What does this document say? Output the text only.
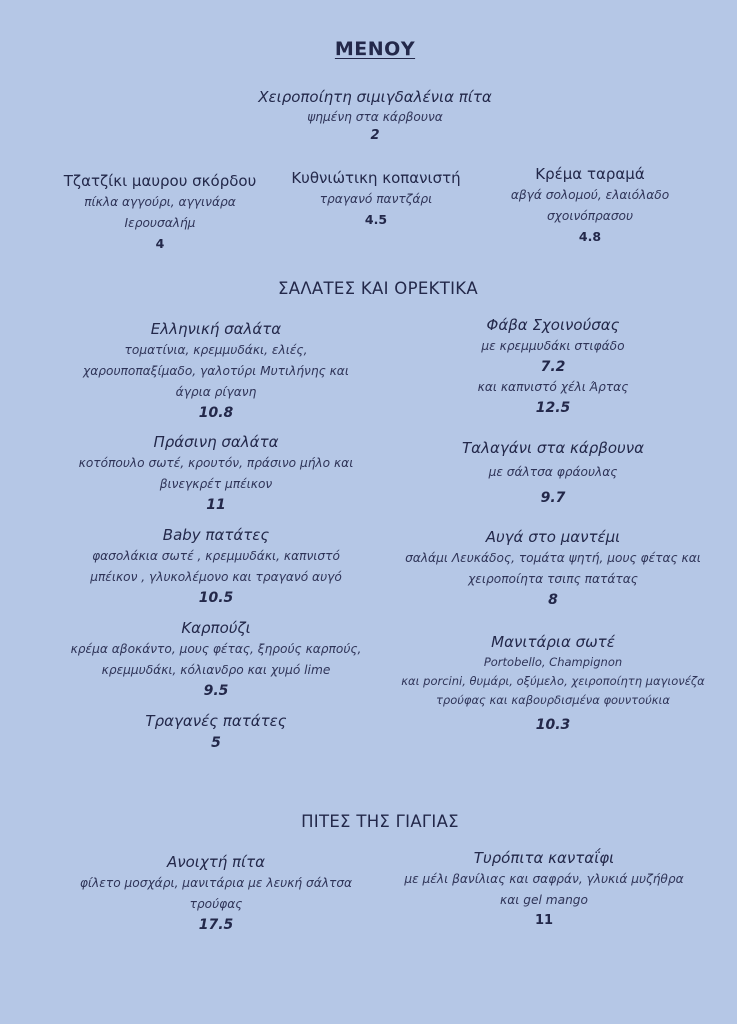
ΜΕΝΟΥ
Χειροποίητη σιμιγδαλένια πίτα
ψημένη στα κάρβουνα
2
Τζατζίκι μαυρου σκόρδου
πίκλα αγγούρι, αγγινάρα
Ιερουσαλήμ
4
Κυθνιώτικη κοπανιστή
τραγανό παντζάρι
4.5
Κρέμα ταραμά
αβγά σολομού, ελαιόλαδο
σχοινόπρασου
4.8
ΣΑΛΑΤΕΣ ΚΑΙ ΟΡΕΚΤΙΚΑ
Ελληνική σαλάτα
τοματίνια, κρεμμυδάκι, ελιές,
χαρουποπαξίμαδο, γαλοτύρι Μυτιλήνης και
άγρια ρίγανη
10.8
Πράσινη σαλάτα
κοτόπουλο σωτέ, κρουτόν, πράσινο μήλο και
βινεγκρέτ μπέικον
11
Baby πατάτες
φασολάκια σωτέ , κρεμμυδάκι, καπνιστό
μπέικον , γλυκολέμονο και τραγανό αυγό
10.5
Καρπούζι
κρέμα αβοκάντο, μους φέτας, ξηρούς καρπούς,
κρεμμυδάκι, κόλιανδρο και χυμό lime
9.5
Τραγανές πατάτες
5
Φάβα Σχοινούσας
με κρεμμυδάκι στιφάδο
7.2
και καπνιστό χέλι Άρτας
12.5
Ταλαγάνι στα κάρβουνα
με σάλτσα φράουλας
9.7
Αυγά στο μαντέμι
σαλάμι Λευκάδος, τομάτα ψητή, μους φέτας και
χειροποίητα τσιπς πατάτας
8
Μανιτάρια σωτέ
Portobello, Champignon
και porcini, θυμάρι, οξύμελο, χειροποίητη μαγιονέζα
τρούφας και καβουρδισμένα φουντούκια
10.3
ΠΙΤΕΣ ΤΗΣ ΓΙΑΓΙΑΣ
Ανοιχτή πίτα
φίλετο μοσχάρι, μανιτάρια με λευκή σάλτσα
τρούφας
17.5
Τυρόπιτα κανταΐφι
με μέλι βανίλιας και σαφράν, γλυκιά μυζήθρα
και gel mango
11
